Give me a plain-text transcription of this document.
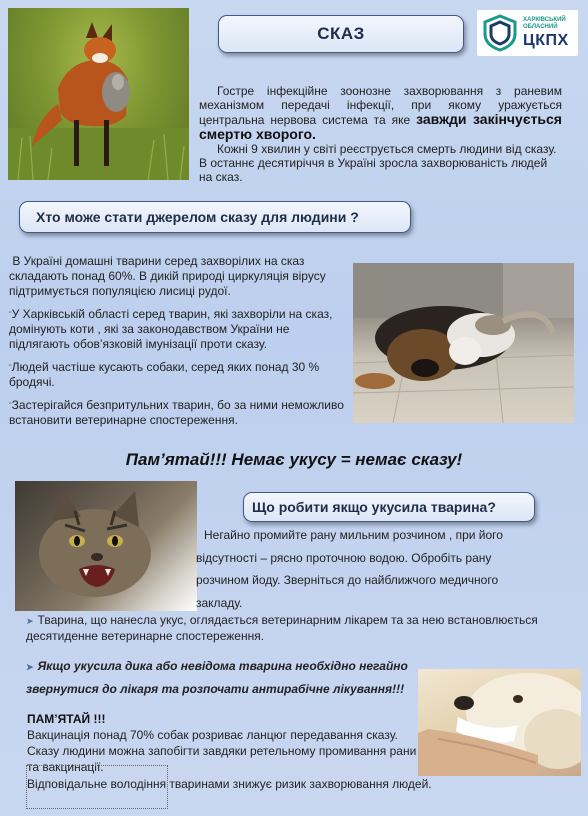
СКАЗ
ХАРКІВСЬКИЙ ОБЛАСНИЙ
ЦКПХ

Гостре інфекційне зоонозне захворювання з раневим механізмом передачі інфекції, при якому уражується центральна нервова система та яке завжди закінчується смертю хворого.

Кожні 9 хвилин у світі реєструється смерть людини від сказу.

В останнє десятиріччя в Україні зросла захворюваність людей на сказ.

Хто може стати джерелом сказу для людини ?

В Україні домашні тварини серед захворілих на сказ складають понад 60%. В дикій природі циркуляція вірусу підтримується популяцією лисиці рудої.

“У Харківській області серед тварин, які захворіли на сказ, домінують коти , які за законодавством України не підлягають обов’язковій імунізації проти сказу.

“Людей частіше кусають собаки, серед яких понад 30 % бродячі.

“Застерігайся безпритульних тварин, бо за ними неможливо встановити ветеринарне спостереження.

Пам’ятай!!! Немає укусу = немає сказу!
Що робити якщо укусила тварина?
Негайно промийте рану мильним розчином , при його відсутності – рясно проточною водою. Обробіть рану розчином йоду. Зверніться до найближчого медичного закладу.
➤ Тварина, що нанесла укус, оглядається ветеринарним лікарем та за нею встановлюється десятиденне ветеринарне спостереження.
➤ Якщо укусила дика або невідома тварина необхідно негайно звернутися до лікаря та розпочати антирабічне лікування!!!
ПАМ’ЯТАЙ !!!
Вакцинація понад 70% собак розриває ланцюг передавання сказу. Сказу людини можна запобігти завдяки ретельному промивання рани та вакцинації.
Відповідальне володіння тваринами знижує ризик захворювання людей.
